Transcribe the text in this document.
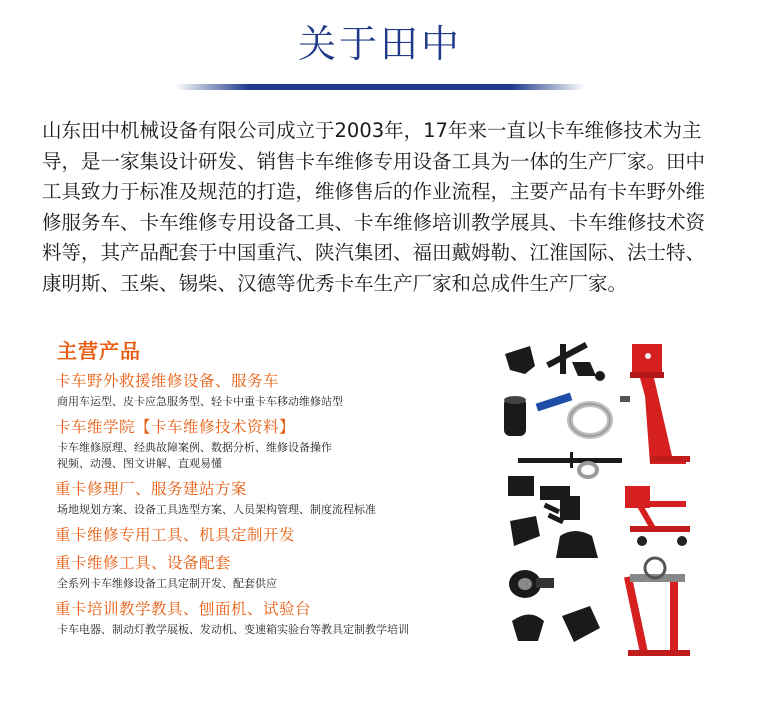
关于田中

山东田中机械设备有限公司成立于2003年，17年来一直以卡车维修技术为主导，是一家集设计研发、销售卡车维修专用设备工具为一体的生产厂家。田中工具致力于标准及规范的打造，维修售后的作业流程，主要产品有卡车野外维修服务车、卡车维修专用设备工具、卡车维修培训教学展具、卡车维修技术资料等，其产品配套于中国重汽、陕汽集团、福田戴姆勒、江淮国际、法士特、康明斯、玉柴、锡柴、汉德等优秀卡车生产厂家和总成件生产厂家。

主营产品
卡车野外救援维修设备、服务车
商用车运型、皮卡应急服务型、轻卡中重卡车移动维修站型
卡车维学院【卡车维修技术资料】
卡车维修原理、经典故障案例、数据分析、维修设备操作
视频、动漫、图文讲解、直观易懂
重卡修理厂、服务建站方案
场地规划方案、设备工具选型方案、人员架构管理、制度流程标准
重卡维修专用工具、机具定制开发
重卡维修工具、设备配套
全系列卡车维修设备工具定制开发、配套供应
重卡培训教学教具、刨面机、试验台
卡车电器、制动灯教学展板、发动机、变速箱实验台等教具定制教学培训
